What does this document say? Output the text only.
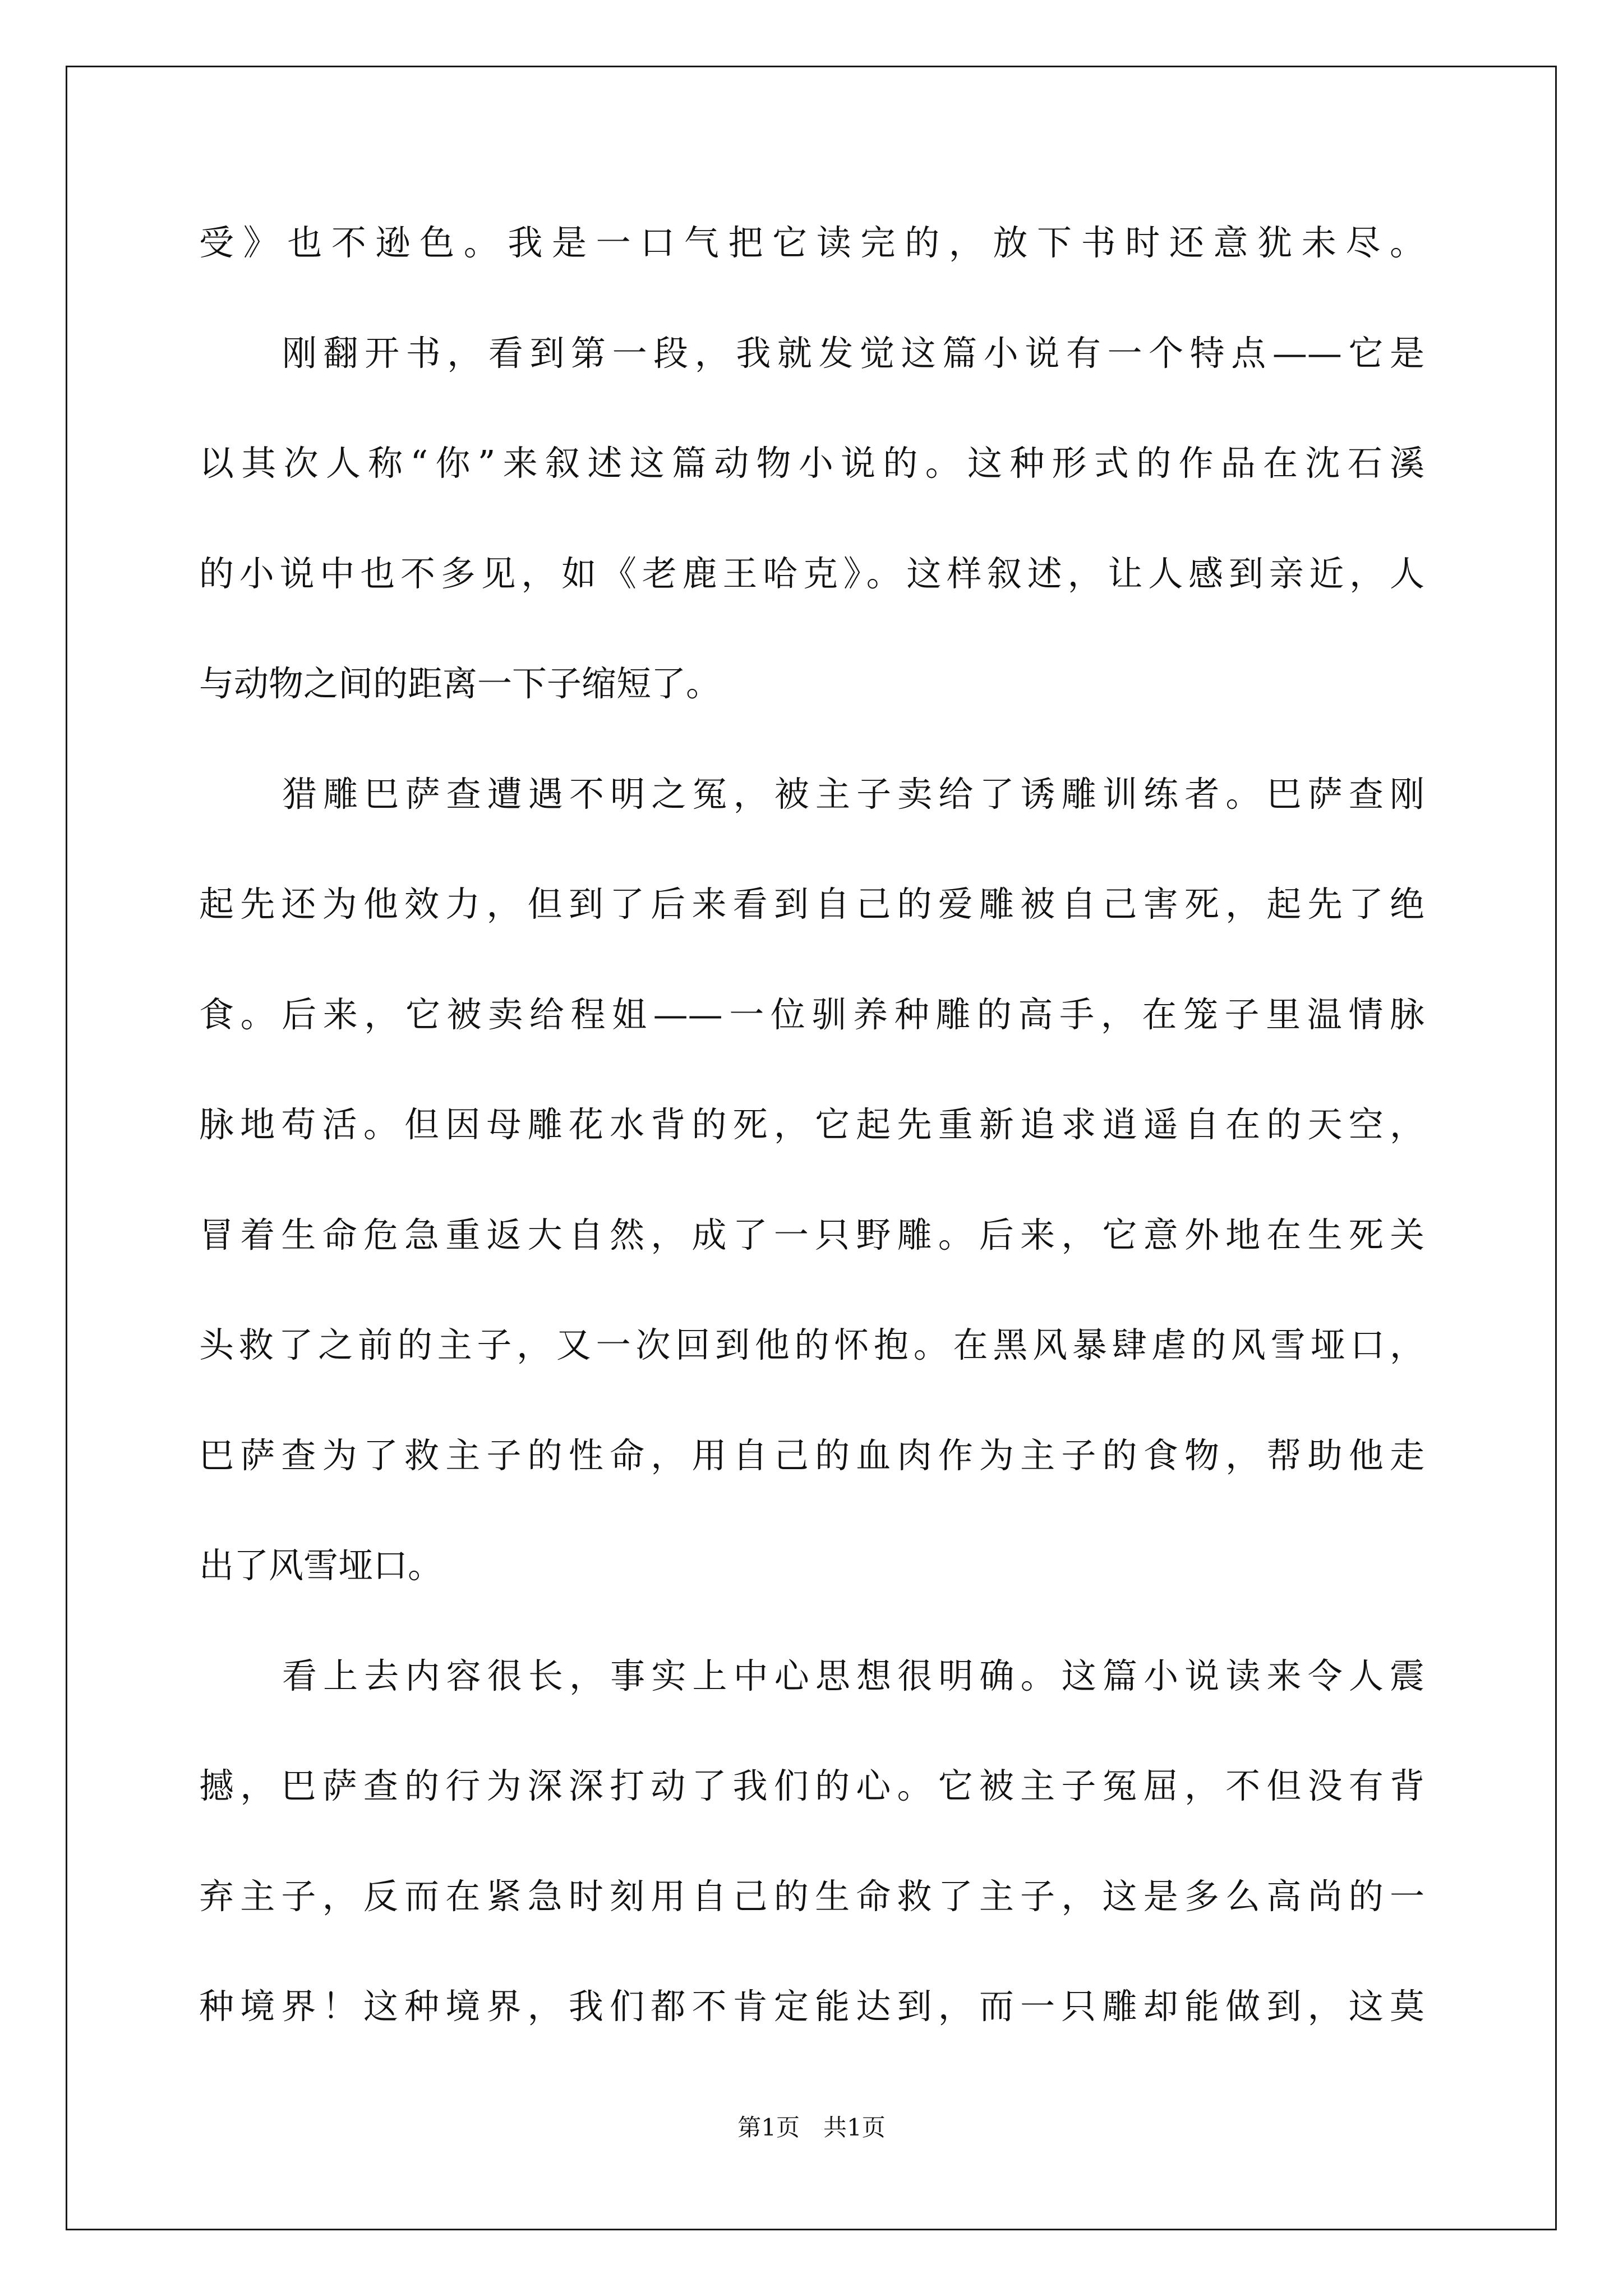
受》也不逊色。我是一口气把它读完的，放下书时还意犹未尽。
刚翻开书，看到第一段，我就发觉这篇小说有一个特点——它是
以其次人称“你”来叙述这篇动物小说的。这种形式的作品在沈石溪
的小说中也不多见，如《老鹿王哈克》。这样叙述，让人感到亲近，人
与动物之间的距离一下子缩短了。
猎雕巴萨查遭遇不明之冤，被主子卖给了诱雕训练者。巴萨查刚
起先还为他效力，但到了后来看到自己的爱雕被自己害死，起先了绝
食。后来，它被卖给程姐——一位驯养种雕的高手，在笼子里温情脉
脉地苟活。但因母雕花水背的死，它起先重新追求逍遥自在的天空，
冒着生命危急重返大自然，成了一只野雕。后来，它意外地在生死关
头救了之前的主子，又一次回到他的怀抱。在黑风暴肆虐的风雪垭口，
巴萨查为了救主子的性命，用自己的血肉作为主子的食物，帮助他走
出了风雪垭口。
看上去内容很长，事实上中心思想很明确。这篇小说读来令人震
撼，巴萨查的行为深深打动了我们的心。它被主子冤屈，不但没有背
弃主子，反而在紧急时刻用自己的生命救了主子，这是多么高尚的一
种境界！这种境界，我们都不肯定能达到，而一只雕却能做到，这莫
第1页　共1页
